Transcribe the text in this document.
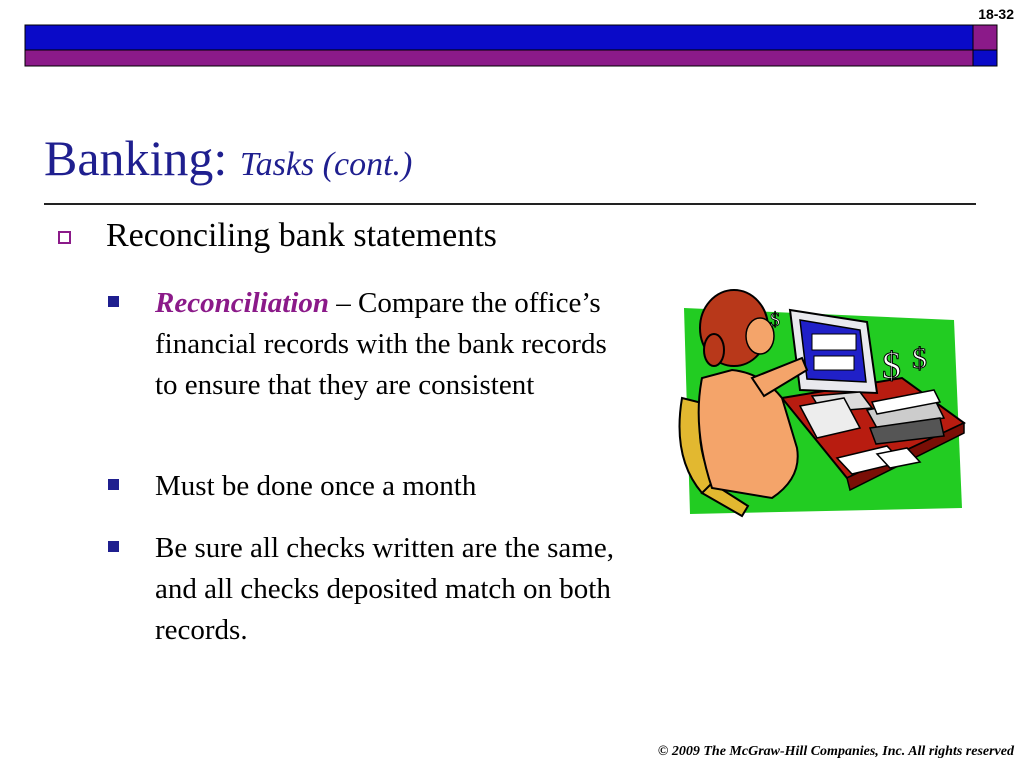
18-32
Banking: Tasks (cont.)
Reconciling bank statements
Reconciliation – Compare the office’s financial records with the bank records to ensure that they are consistent
Must be done once a month
Be sure all checks written are the same, and all checks deposited match on both records.
$
$ $
© 2009 The McGraw-Hill Companies, Inc. All rights reserved
